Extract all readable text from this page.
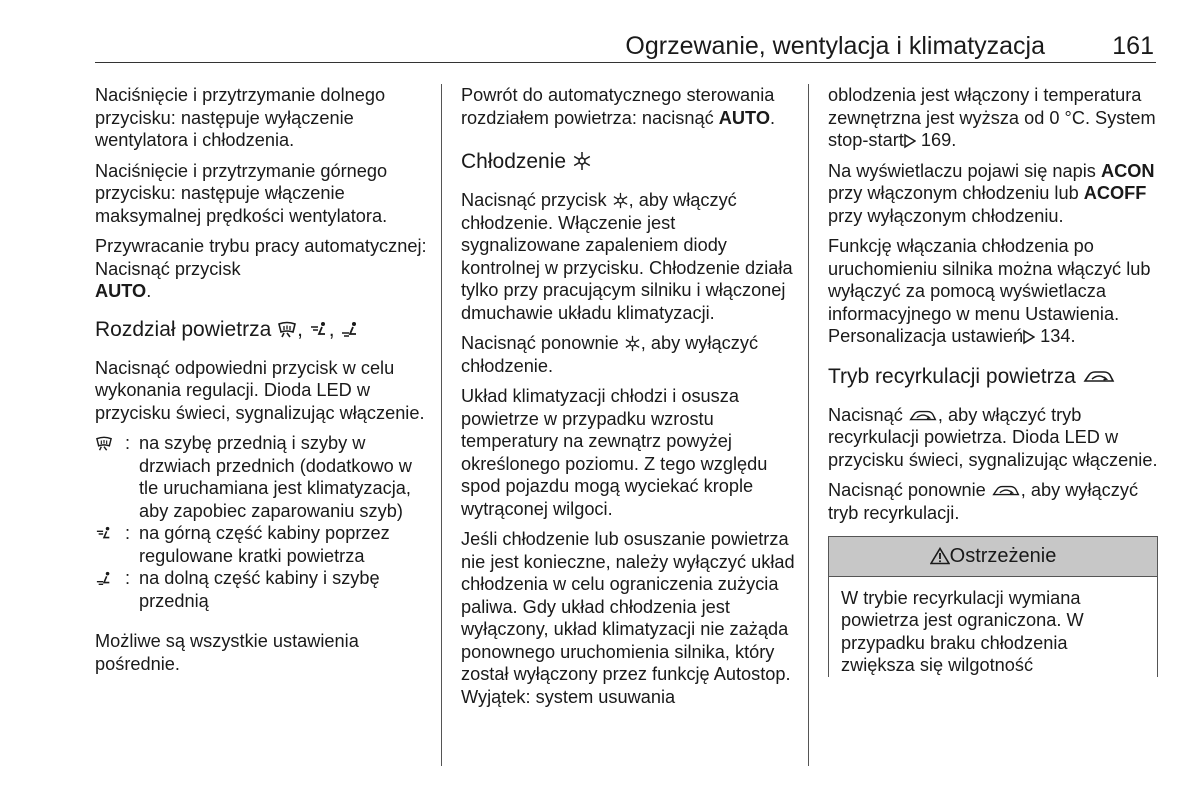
Ogrzewanie, wentylacja i klimatyzacja	161

Naciśnięcie i przytrzymanie dolnego przycisku: następuje wyłączenie wentylatora i chłodzenia.

Naciśnięcie i przytrzymanie górnego przycisku: następuje włączenie maksymalnej prędkości wentylatora.

Przywracanie trybu pracy automatycznej: Nacisnąć przycisk
AUTO.

Rozdział powietrza , ,

Nacisnąć odpowiedni przycisk w celu wykonania regulacji. Dioda LED w przycisku świeci, sygnalizując włączenie.

: na szybę przednią i szyby w drzwiach przednich (dodatkowo w tle uruchamiana jest klimatyzacja, aby zapobiec zaparowaniu szyb)
: na górną część kabiny poprzez regulowane kratki powietrza
: na dolną część kabiny i szybę przednią

Możliwe są wszystkie ustawienia pośrednie.

Powrót do automatycznego sterowania rozdziałem powietrza: nacisnąć AUTO.

Chłodzenie

Nacisnąć przycisk , aby włączyć chłodzenie. Włączenie jest sygnalizowane zapaleniem diody kontrolnej w przycisku. Chłodzenie działa tylko przy pracującym silniku i włączonej dmuchawie układu klimatyzacji.

Nacisnąć ponownie , aby wyłączyć chłodzenie.

Układ klimatyzacji chłodzi i osusza powietrze w przypadku wzrostu temperatury na zewnątrz powyżej określonego poziomu. Z tego względu spod pojazdu mogą wyciekać krople wytrąconej wilgoci.

Jeśli chłodzenie lub osuszanie powietrza nie jest konieczne, należy wyłączyć układ chłodzenia w celu ograniczenia zużycia paliwa. Gdy układ chłodzenia jest wyłączony, układ klimatyzacji nie zażąda ponownego uruchomienia silnika, który został wyłączony przez funkcję Autostop. Wyjątek: system usuwania

oblodzenia jest włączony i temperatura zewnętrzna jest wyższa od 0 °C. System stop-start 169.

Na wyświetlaczu pojawi się napis ACON przy włączonym chłodzeniu lub ACOFF przy wyłączonym chłodzeniu.

Funkcję włączania chłodzenia po uruchomieniu silnika można włączyć lub wyłączyć za pomocą wyświetlacza informacyjnego w menu Ustawienia. Personalizacja ustawień 134.

Tryb recyrkulacji powietrza

Nacisnąć , aby włączyć tryb recyrkulacji powietrza. Dioda LED w przycisku świeci, sygnalizując włączenie.

Nacisnąć ponownie , aby wyłączyć tryb recyrkulacji.

Ostrzeżenie
W trybie recyrkulacji wymiana powietrza jest ograniczona. W przypadku braku chłodzenia zwiększa się wilgotność
